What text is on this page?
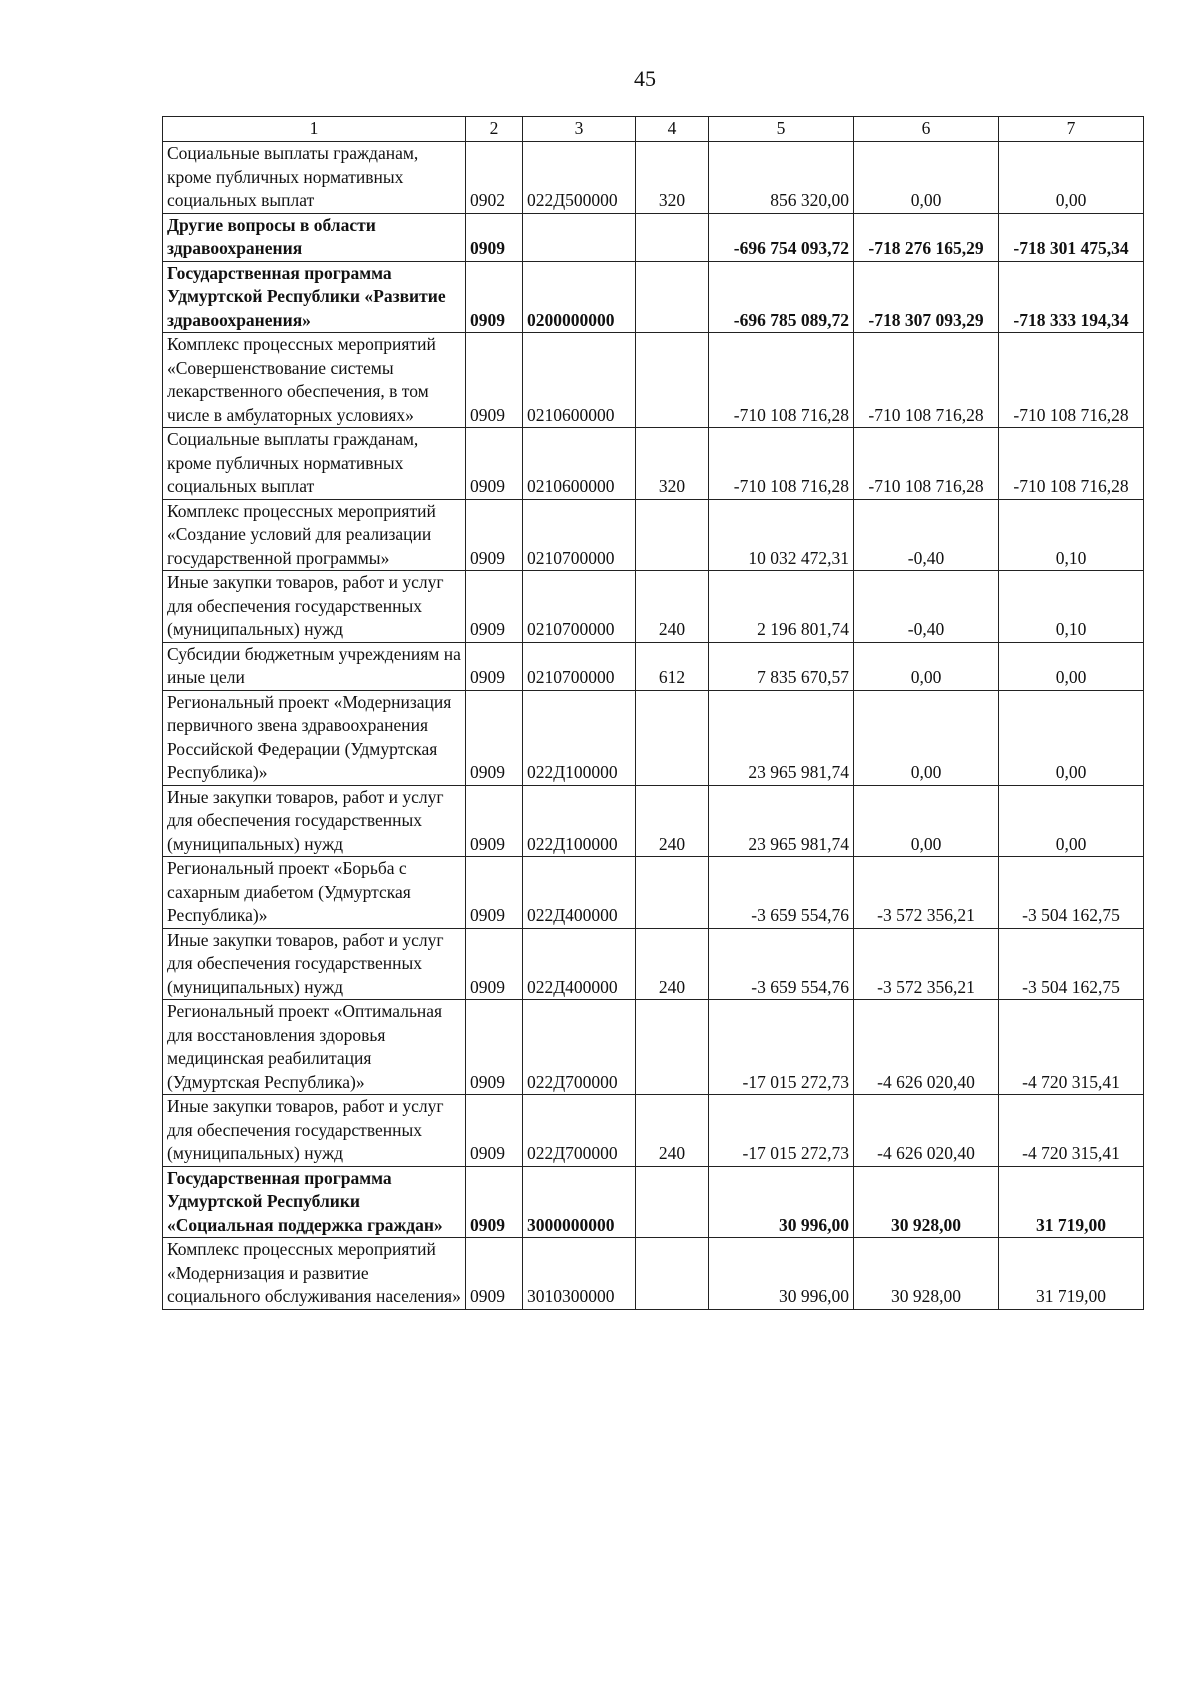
45
1	2	3	4	5	6	7
Социальные выплаты гражданам, кроме публичных нормативных социальных выплат	0902	022Д500000	320	856 320,00	0,00	0,00
Другие вопросы в области здравоохранения	0909			-696 754 093,72	-718 276 165,29	-718 301 475,34
Государственная программа Удмуртской Республики «Развитие здравоохранения»	0909	0200000000		-696 785 089,72	-718 307 093,29	-718 333 194,34
Комплекс процессных мероприятий «Совершенствование системы лекарственного обеспечения, в том числе в амбулаторных условиях»	0909	0210600000		-710 108 716,28	-710 108 716,28	-710 108 716,28
Социальные выплаты гражданам, кроме публичных нормативных социальных выплат	0909	0210600000	320	-710 108 716,28	-710 108 716,28	-710 108 716,28
Комплекс процессных мероприятий «Создание условий для реализации государственной программы»	0909	0210700000		10 032 472,31	-0,40	0,10
Иные закупки товаров, работ и услуг для обеспечения государственных (муниципальных) нужд	0909	0210700000	240	2 196 801,74	-0,40	0,10
Субсидии бюджетным учреждениям на иные цели	0909	0210700000	612	7 835 670,57	0,00	0,00
Региональный проект «Модернизация первичного звена здравоохранения Российской Федерации (Удмуртская Республика)»	0909	022Д100000		23 965 981,74	0,00	0,00
Иные закупки товаров, работ и услуг для обеспечения государственных (муниципальных) нужд	0909	022Д100000	240	23 965 981,74	0,00	0,00
Региональный проект «Борьба с сахарным диабетом (Удмуртская Республика)»	0909	022Д400000		-3 659 554,76	-3 572 356,21	-3 504 162,75
Иные закупки товаров, работ и услуг для обеспечения государственных (муниципальных) нужд	0909	022Д400000	240	-3 659 554,76	-3 572 356,21	-3 504 162,75
Региональный проект «Оптимальная для восстановления здоровья медицинская реабилитация (Удмуртская Республика)»	0909	022Д700000		-17 015 272,73	-4 626 020,40	-4 720 315,41
Иные закупки товаров, работ и услуг для обеспечения государственных (муниципальных) нужд	0909	022Д700000	240	-17 015 272,73	-4 626 020,40	-4 720 315,41
Государственная программа Удмуртской Республики «Социальная поддержка граждан»	0909	3000000000		30 996,00	30 928,00	31 719,00
Комплекс процессных мероприятий «Модернизация и развитие социального обслуживания населения»	0909	3010300000		30 996,00	30 928,00	31 719,00
